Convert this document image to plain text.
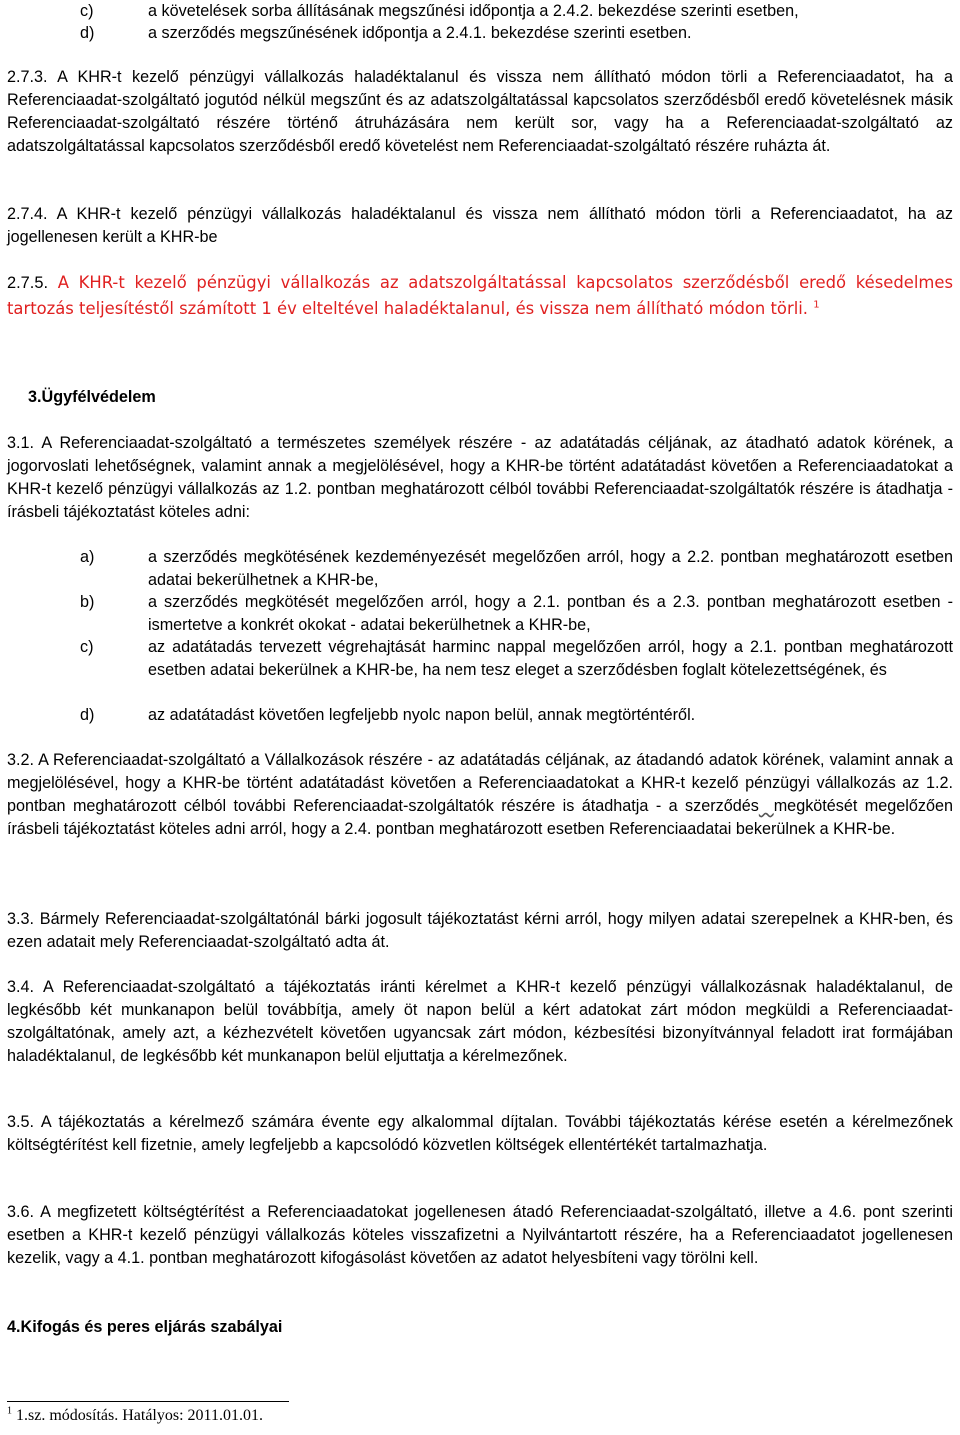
c)	a követelések sorba állításának megszűnési időpontja a 2.4.2. bekezdése szerinti esetben,
d)	a szerződés megszűnésének időpontja a 2.4.1. bekezdése szerinti esetben.
2.7.3. A KHR-t kezelő pénzügyi vállalkozás haladéktalanul és vissza nem állítható módon törli a Referenciaadatot, ha a Referenciaadat-szolgáltató jogutód nélkül megszűnt és az adatszolgáltatással kapcsolatos szerződésből eredő követelésnek másik Referenciaadat-szolgáltató részére történő átruházására nem került sor, vagy ha a Referenciaadat-szolgáltató az adatszolgáltatással kapcsolatos szerződésből eredő követelést nem Referenciaadat-szolgáltató részére ruházta át.
2.7.4. A KHR-t kezelő pénzügyi vállalkozás haladéktalanul és vissza nem állítható módon törli a Referenciaadatot, ha az jogellenesen került a KHR-be
2.7.5. A KHR-t kezelő pénzügyi vállalkozás az adatszolgáltatással kapcsolatos szerződésből eredő késedelmes tartozás teljesítéstől számított 1 év elteltével haladéktalanul, és vissza nem állítható módon törli. $^1$
3.Ügyfélvédelem
3.1. A Referenciaadat-szolgáltató a természetes személyek részére - az adatátadás céljának, az átadható adatok körének, a jogorvoslati lehetőségnek, valamint annak a megjelölésével, hogy a KHR-be történt adatátadást követően a Referenciaadatokat a KHR-t kezelő pénzügyi vállalkozás az 1.2. pontban meghatározott célból további Referenciaadat-szolgáltatók részére is átadhatja - írásbeli tájékoztatást köteles adni:
a)	a szerződés megkötésének kezdeményezését megelőzően arról, hogy a 2.2. pontban meghatározott esetben adatai bekerülhetnek a KHR-be,
b)	a szerződés megkötését megelőzően arról, hogy a 2.1. pontban és a 2.3. pontban meghatározott esetben - ismertetve a konkrét okokat - adatai bekerülhetnek a KHR-be,
c)	az adatátadás tervezett végrehajtását harminc nappal megelőzően arról, hogy a 2.1. pontban meghatározott esetben adatai bekerülnek a KHR-be, ha nem tesz eleget a szerződésben foglalt kötelezettségének, és
d)	az adatátadást követően legfeljebb nyolc napon belül, annak megtörténtéről.
3.2. A Referenciaadat-szolgáltató a Vállalkozások részére - az adatátadás céljának, az átadandó adatok körének, valamint annak a megjelölésével, hogy a KHR-be történt adatátadást követően a Referenciaadatokat a KHR-t kezelő pénzügyi vállalkozás az 1.2. pontban meghatározott célból további Referenciaadat-szolgáltatók részére is átadhatja - a szerződés megkötését megelőzően írásbeli tájékoztatást köteles adni arról, hogy a 2.4. pontban meghatározott esetben Referenciaadatai bekerülnek a KHR-be.
3.3. Bármely Referenciaadat-szolgáltatónál bárki jogosult tájékoztatást kérni arról, hogy milyen adatai szerepelnek a KHR-ben, és ezen adatait mely Referenciaadat-szolgáltató adta át.
3.4. A Referenciaadat-szolgáltató a tájékoztatás iránti kérelmet a KHR-t kezelő pénzügyi vállalkozásnak haladéktalanul, de legkésőbb két munkanapon belül továbbítja, amely öt napon belül a kért adatokat zárt módon megküldi a Referenciaadat-szolgáltatónak, amely azt, a kézhezvételt követően ugyancsak zárt módon, kézbesítési bizonyítvánnyal feladott irat formájában haladéktalanul, de legkésőbb két munkanapon belül eljuttatja a kérelmezőnek.
3.5. A tájékoztatás a kérelmező számára évente egy alkalommal díjtalan. További tájékoztatás kérése esetén a kérelmezőnek költségtérítést kell fizetnie, amely legfeljebb a kapcsolódó közvetlen költségek ellentértékét tartalmazhatja.
3.6. A megfizetett költségtérítést a Referenciaadatokat jogellenesen átadó Referenciaadat-szolgáltató, illetve a 4.6. pont szerinti esetben a KHR-t kezelő pénzügyi vállalkozás köteles visszafizetni a Nyilvántartott részére, ha a Referenciaadatot jogellenesen kezelik, vagy a 4.1. pontban meghatározott kifogásolást követően az adatot helyesbíteni vagy törölni kell.
4.Kifogás és peres eljárás szabályai
$^1$ 1.sz. módosítás. Hatályos: 2011.01.01.
